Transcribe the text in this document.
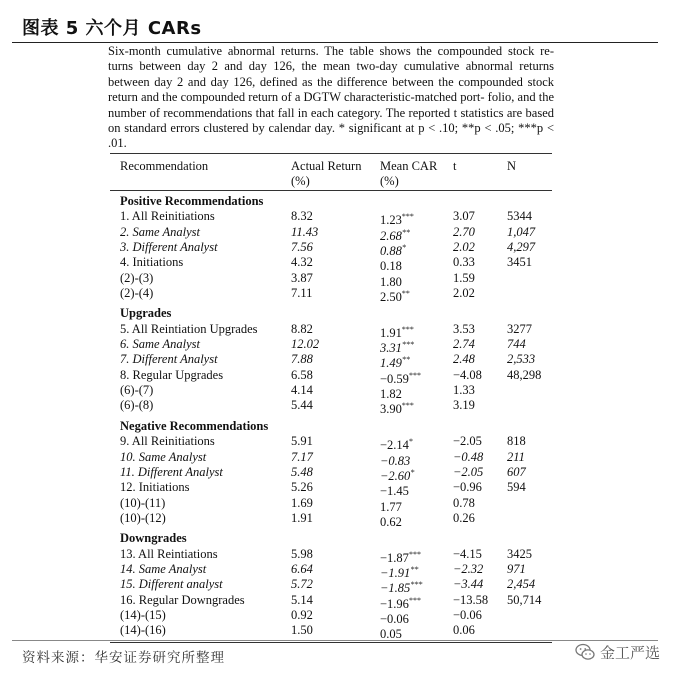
图表 5 六个月 CARs
Six-month cumulative abnormal returns. The table shows the compounded stock re- turns between day 2 and day 126, the mean two-day cumulative abnormal returns between day 2 and day 126, defined as the difference between the compounded stock return and the compounded return of a DGTW characteristic-matched port- folio, and the number of recommendations that fall in each category. The reported t statistics are based on standard errors clustered by calendar day. * significant at p < .10; **p < .05; ***p < .01.
Recommendation	Actual Return
(%)
Mean CAR
(%)
t	N
Positive Recommendations
1. All Reinitiations	8.32	1.23***	3.07	5344
2. Same Analyst	11.43	2.68**	2.70	1,047
3. Different Analyst	7.56	0.88*	2.02	4,297
4. Initiations	4.32	0.18	0.33	3451
(2)-(3)	3.87	1.80	1.59
(2)-(4)	7.11	2.50**	2.02
Upgrades
5. All Reintiation Upgrades	8.82	1.91***	3.53	3277
6. Same Analyst	12.02	3.31***	2.74	744
7. Different Analyst	7.88	1.49**	2.48	2,533
8. Regular Upgrades	6.58	−0.59***	−4.08 48,298
(6)-(7)	4.14	1.82	1.33
(6)-(8)	5.44	3.90***	3.19
Negative Recommendations
9. All Reinitiations	5.91	−2.14*	−2.05 818
10. Same Analyst	7.17	−0.83	−0.48 211
11. Different Analyst	5.48	−2.60*	−2.05 607
12. Initiations	5.26	−1.45	−0.96 594
(10)-(11)	1.69	1.77	0.78
(10)-(12)	1.91	0.62	0.26
Downgrades
13. All Reintiations	5.98	−1.87***	−4.15 3425
14. Same Analyst	6.64	−1.91**	−2.32 971
15. Different analyst	5.72	−1.85*** −3.44 2,454
16. Regular Downgrades	5.14	−1.96***	−13.58 50,714
(14)-(15)	0.92	−0.06	−0.06
(14)-(16)	1.50	0.05	0.06
资料来源：华安证券研究所整理	金工严选
